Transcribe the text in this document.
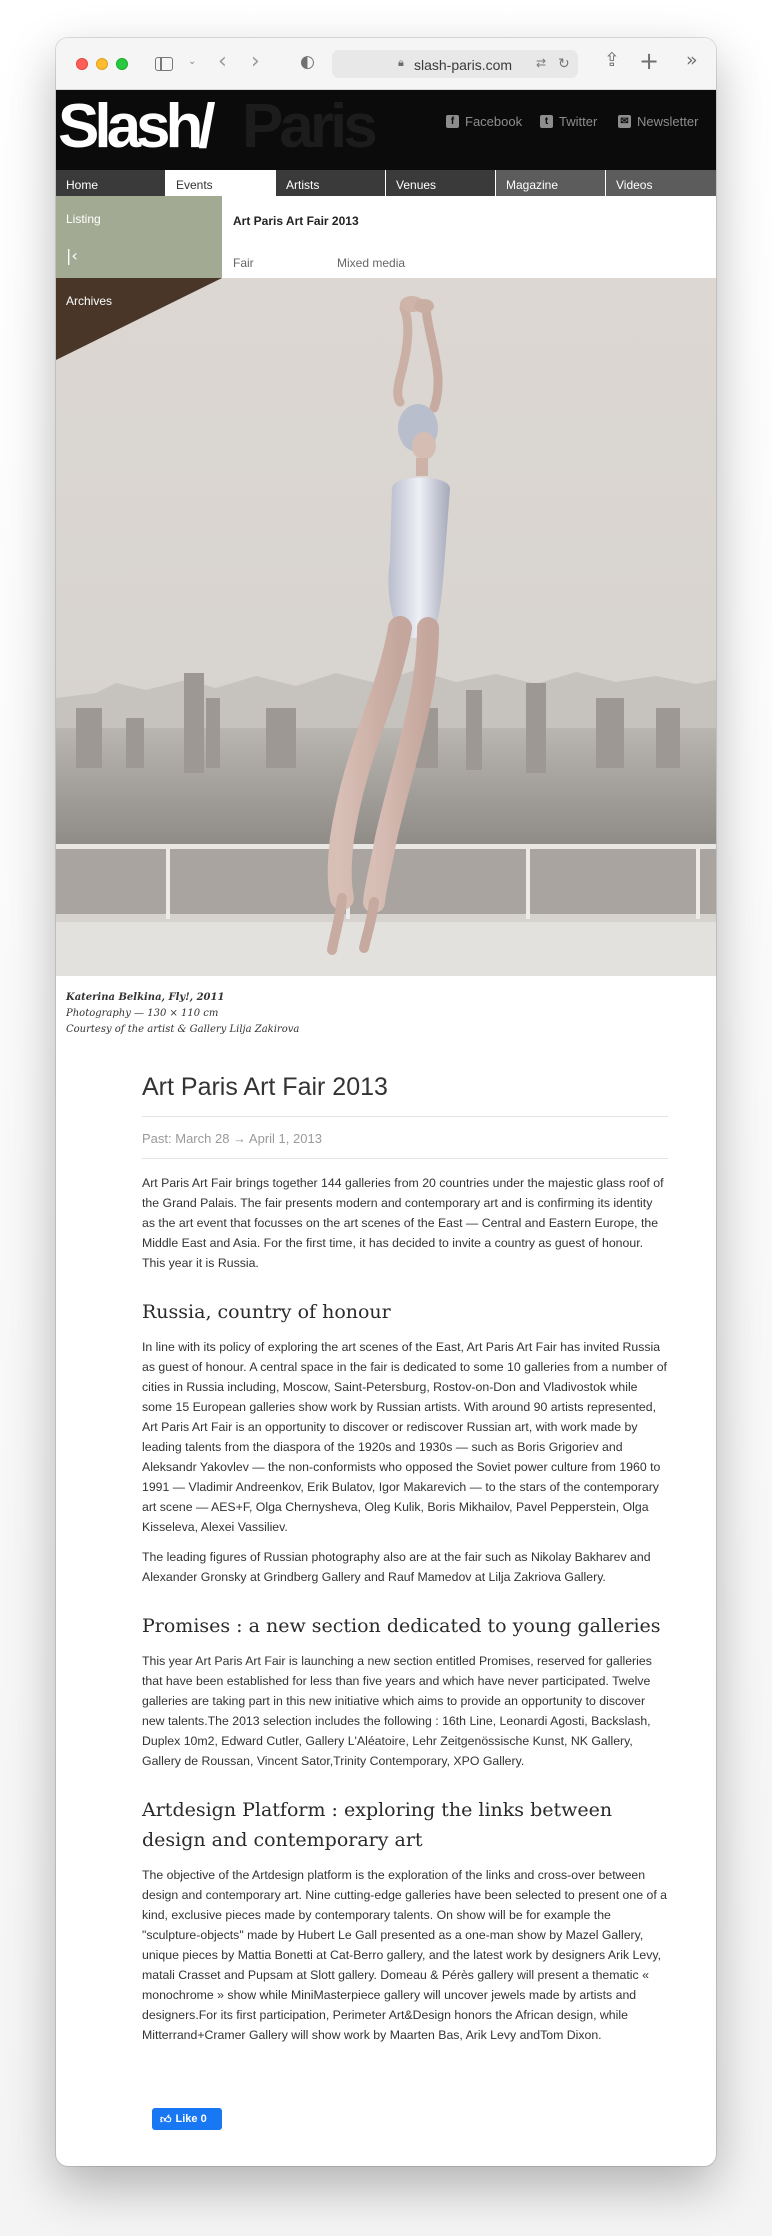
⌄ ‹ › ◐	🔒︎ slash-paris.com ⇄ ↻ ⇪ + »
Slash/ Paris	f Facebook	t Twitter ✉ Newsletter
Home	Events	Artists	Venues	Magazine	Videos
Listing
|‹
Art Paris Art Fair 2013
Fair	Mixed media
Katerina Belkina, Fly!, 2011
Photography — 130 × 110 cm
Courtesy of the artist & Gallery Lilja Zakirova
Art Paris Art Fair 2013
Past: March 28 → April 1, 2013

Art Paris Art Fair brings together 144 galleries from 20 countries under the majestic glass roof of the Grand Palais. The fair presents modern and contemporary art and is confirming its identity as the art event that focusses on the art scenes of the East — Central and Eastern Europe, the Middle East and Asia. For the first time, it has decided to invite a country as guest of honour. This year it is Russia.

Russia, country of honour

In line with its policy of exploring the art scenes of the East, Art Paris Art Fair has invited Russia as guest of honour. A central space in the fair is dedicated to some 10 galleries from a number of cities in Russia including, Moscow, Saint-Petersburg, Rostov-on-Don and Vladivostok while some 15 European galleries show work by Russian artists. With around 90 artists represented, Art Paris Art Fair is an opportunity to discover or rediscover Russian art, with work made by leading talents from the diaspora of the 1920s and 1930s — such as Boris Grigoriev and Aleksandr Yakovlev — the non-conformists who opposed the Soviet power culture from 1960 to 1991 — Vladimir Andreenkov, Erik Bulatov, Igor Makarevich — to the stars of the contemporary art scene — AES+F, Olga Chernysheva, Oleg Kulik, Boris Mikhailov, Pavel Pepperstein, Olga Kisseleva, Alexei Vassiliev.

The leading figures of Russian photography also are at the fair such as Nikolay Bakharev and Alexander Gronsky at Grindberg Gallery and Rauf Mamedov at Lilja Zakriova Gallery.

Promises : a new section dedicated to young galleries

This year Art Paris Art Fair is launching a new section entitled Promises, reserved for galleries that have been established for less than five years and which have never participated. Twelve galleries are taking part in this new initiative which aims to provide an opportunity to discover new talents.The 2013 selection includes the following : 16th Line, Leonardi Agosti, Backslash, Duplex 10m2, Edward Cutler, Gallery L'Aléatoire, Lehr Zeitgenössische Kunst, NK Gallery, Gallery de Roussan, Vincent Sator,Trinity Contemporary, XPO Gallery.

Artdesign Platform : exploring the links between design and contemporary art

The objective of the Artdesign platform is the exploration of the links and cross-over between design and contemporary art. Nine cutting-edge galleries have been selected to present one of a kind, exclusive pieces made by contemporary talents. On show will be for example the "sculpture-objects" made by Hubert Le Gall presented as a one-man show by Mazel Gallery, unique pieces by Mattia Bonetti at Cat-Berro gallery, and the latest work by designers Arik Levy, matali Crasset and Pupsam at Slott gallery. Domeau & Pérès gallery will present a thematic « monochrome » show while MiniMasterpiece gallery will uncover jewels made by artists and designers.For its first participation, Perimeter Art&Design honors the African design, while Mitterrand+Cramer Gallery will show work by Maarten Bas, Arik Levy andTom Dixon.

👍︎ Like 0
Archives
